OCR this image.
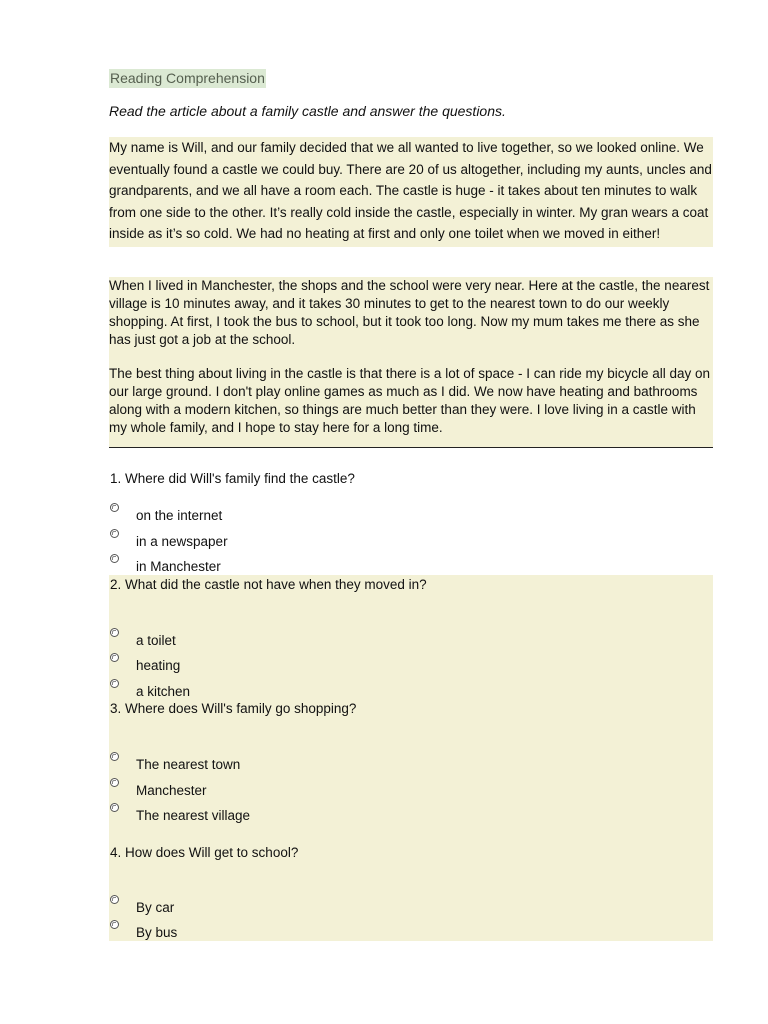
Reading Comprehension

Read the article about a family castle and answer the questions.

My name is Will, and our family decided that we all wanted to live together, so we looked online. We eventually found a castle we could buy. There are 20 of us altogether, including my aunts, uncles and grandparents, and we all have a room each. The castle is huge - it takes about ten minutes to walk from one side to the other. It’s really cold inside the castle, especially in winter. My gran wears a coat inside as it’s so cold. We had no heating at first and only one toilet when we moved in either!

When I lived in Manchester, the shops and the school were very near. Here at the castle, the nearest village is 10 minutes away, and it takes 30 minutes to get to the nearest town to do our weekly shopping. At first, I took the bus to school, but it took too long. Now my mum takes me there as she has just got a job at the school.

The best thing about living in the castle is that there is a lot of space - I can ride my bicycle all day on our large ground. I don't play online games as much as I did. We now have heating and bathrooms along with a modern kitchen, so things are much better than they were. I love living in a castle with my whole family, and I hope to stay here for a long time.

1. Where did Will's family find the castle?

on the internet
in a newspaper
in Manchester

2. What did the castle not have when they moved in?

a toilet
heating
a kitchen

3. Where does Will's family go shopping?

The nearest town
Manchester
The nearest village

4. How does Will get to school?

By car
By bus
